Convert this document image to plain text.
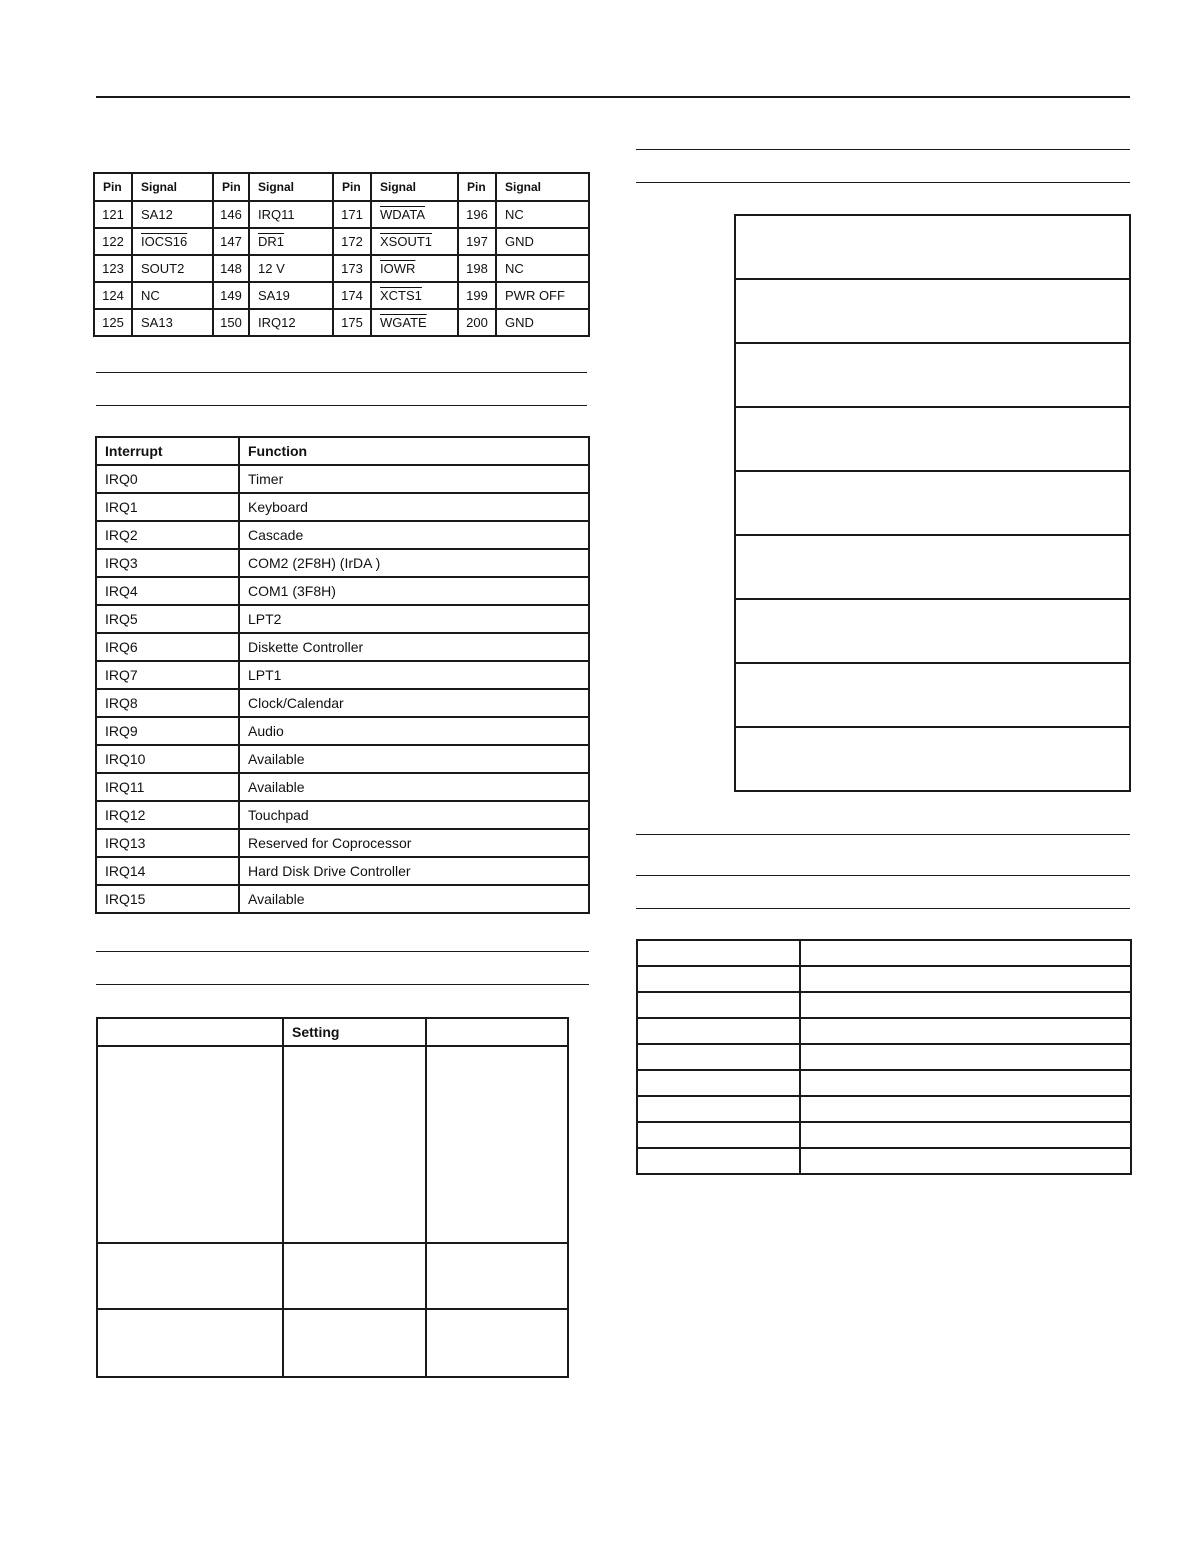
Pin	Signal	Pin	Signal	Pin	Signal	Pin	Signal
121	SA12	146	IRQ11	171	WDATA	196	NC
122	IOCS16	147	DR1	172	XSOUT1	197	GND
123	SOUT2	148	12 V	173	IOWR	198	NC
124	NC	149	SA19	174	XCTS1	199	PWR OFF
125	SA13	150	IRQ12	175	WGATE	200	GND
Interrupt	Function
IRQ0	Timer
IRQ1	Keyboard
IRQ2	Cascade
IRQ3	COM2 (2F8H) (IrDA )
IRQ4	COM1 (3F8H)
IRQ5	LPT2
IRQ6	Diskette Controller
IRQ7	LPT1
IRQ8	Clock/Calendar
IRQ9	Audio
IRQ10	Available
IRQ11	Available
IRQ12	Touchpad
IRQ13	Reserved for Coprocessor
IRQ14	Hard Disk Drive Controller
IRQ15	Available
	Setting	
